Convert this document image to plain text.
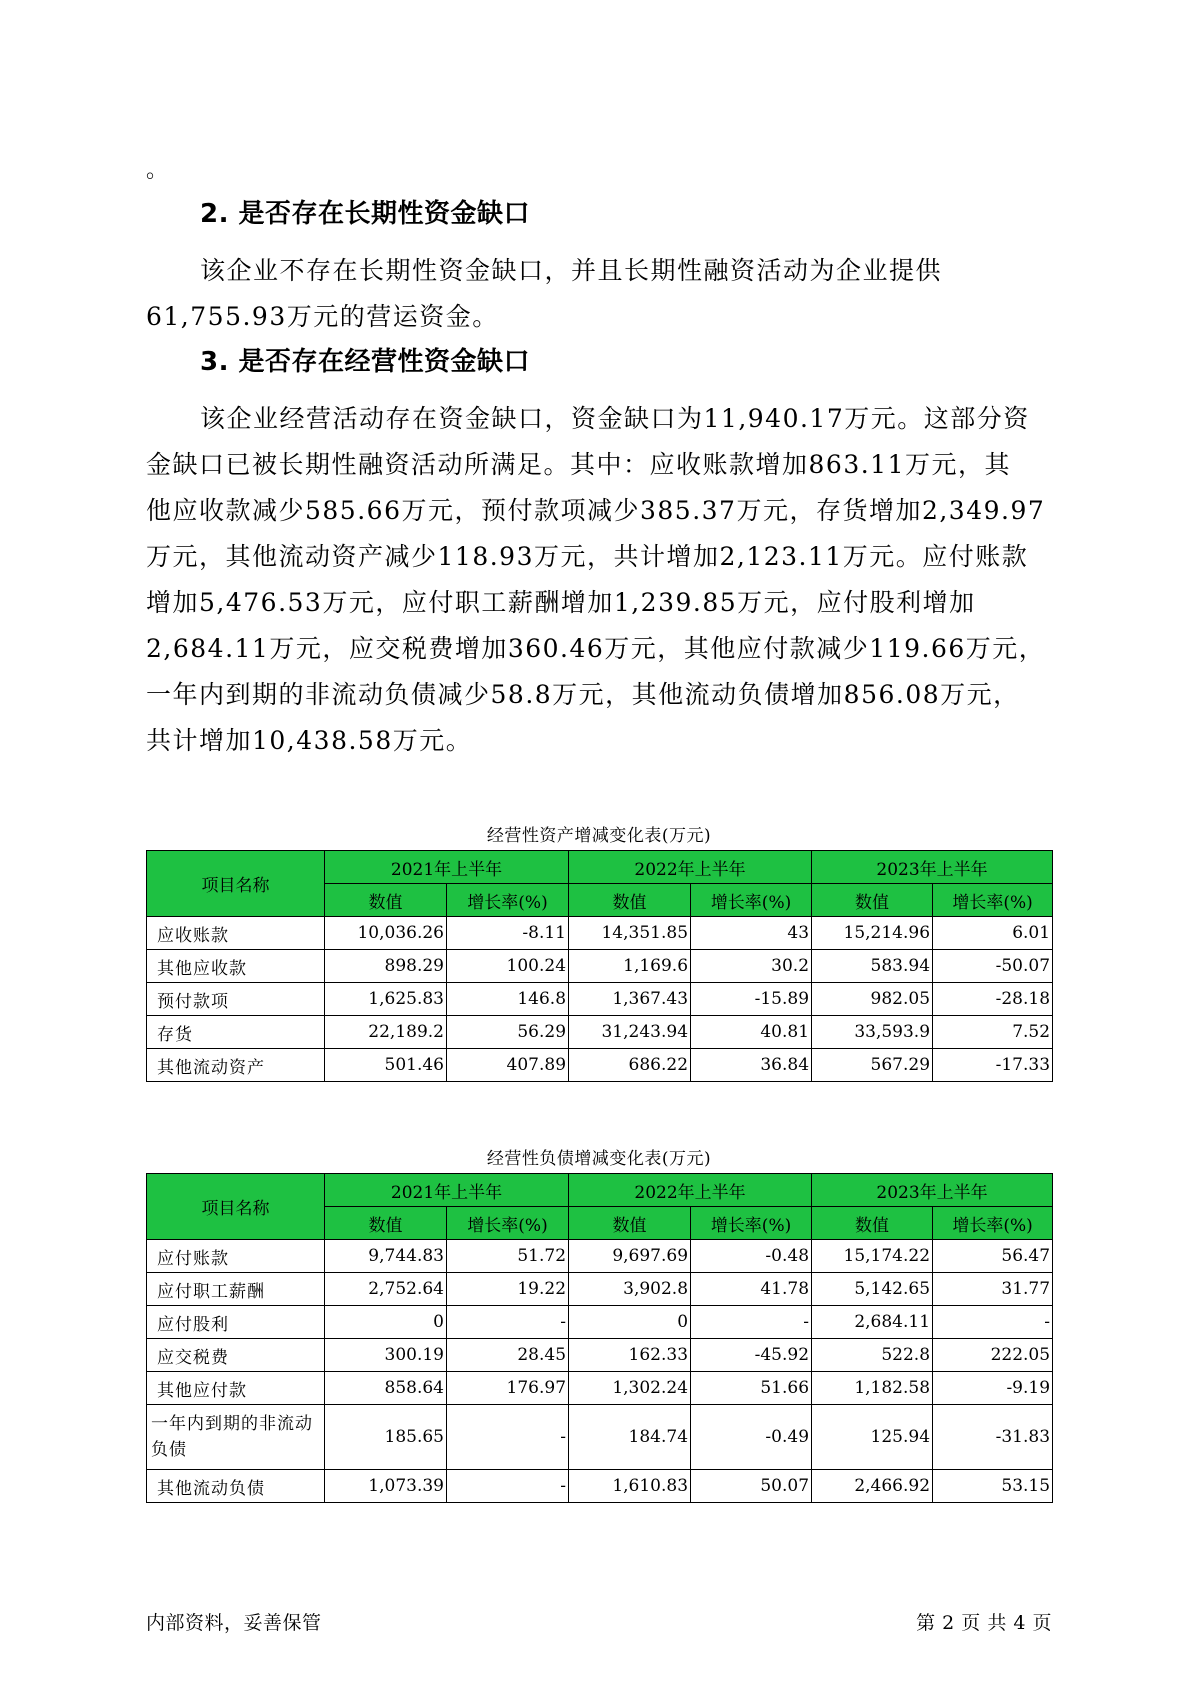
。
2. 是否存在长期性资金缺口
该企业不存在长期性资金缺口，并且长期性融资活动为企业提供
61,755.93万元的营运资金。
3. 是否存在经营性资金缺口
该企业经营活动存在资金缺口，资金缺口为11,940.17万元。这部分资
金缺口已被长期性融资活动所满足。其中：应收账款增加863.11万元，其
他应收款减少585.66万元，预付款项减少385.37万元，存货增加2,349.97
万元，其他流动资产减少118.93万元，共计增加2,123.11万元。应付账款
增加5,476.53万元，应付职工薪酬增加1,239.85万元，应付股利增加
2,684.11万元，应交税费增加360.46万元，其他应付款减少119.66万元，
一年内到期的非流动负债减少58.8万元，其他流动负债增加856.08万元，
共计增加10,438.58万元。
经营性资产增减变化表(万元)
项目名称	2021年上半年		2022年上半年		2023年上半年	
	数值	增长率(%)	数值	增长率(%)	数值	增长率(%)
应收账款	10,036.26	-8.11	14,351.85	43	15,214.96	6.01
其他应收款	898.29	100.24	1,169.6	30.2	583.94	-50.07
预付款项	1,625.83	146.8	1,367.43	-15.89	982.05	-28.18
存货	22,189.2	56.29	31,243.94	40.81	33,593.9	7.52
其他流动资产	501.46	407.89	686.22	36.84	567.29	-17.33
经营性负债增减变化表(万元)
项目名称	2021年上半年		2022年上半年		2023年上半年	
	数值	增长率(%)	数值	增长率(%)	数值	增长率(%)
应付账款	9,744.83	51.72	9,697.69	-0.48	15,174.22	56.47
应付职工薪酬	2,752.64	19.22	3,902.8	41.78	5,142.65	31.77
应付股利	0	-	0	-	2,684.11	-
应交税费	300.19	28.45	162.33	-45.92	522.8	222.05
其他应付款	858.64	176.97	1,302.24	51.66	1,182.58	-9.19
一年内到期的非流动负债	185.65	-	184.74	-0.49	125.94	-31.83
其他流动负债	1,073.39	-	1,610.83	50.07	2,466.92	53.15
内部资料，妥善保管	第 2 页 共 4 页
